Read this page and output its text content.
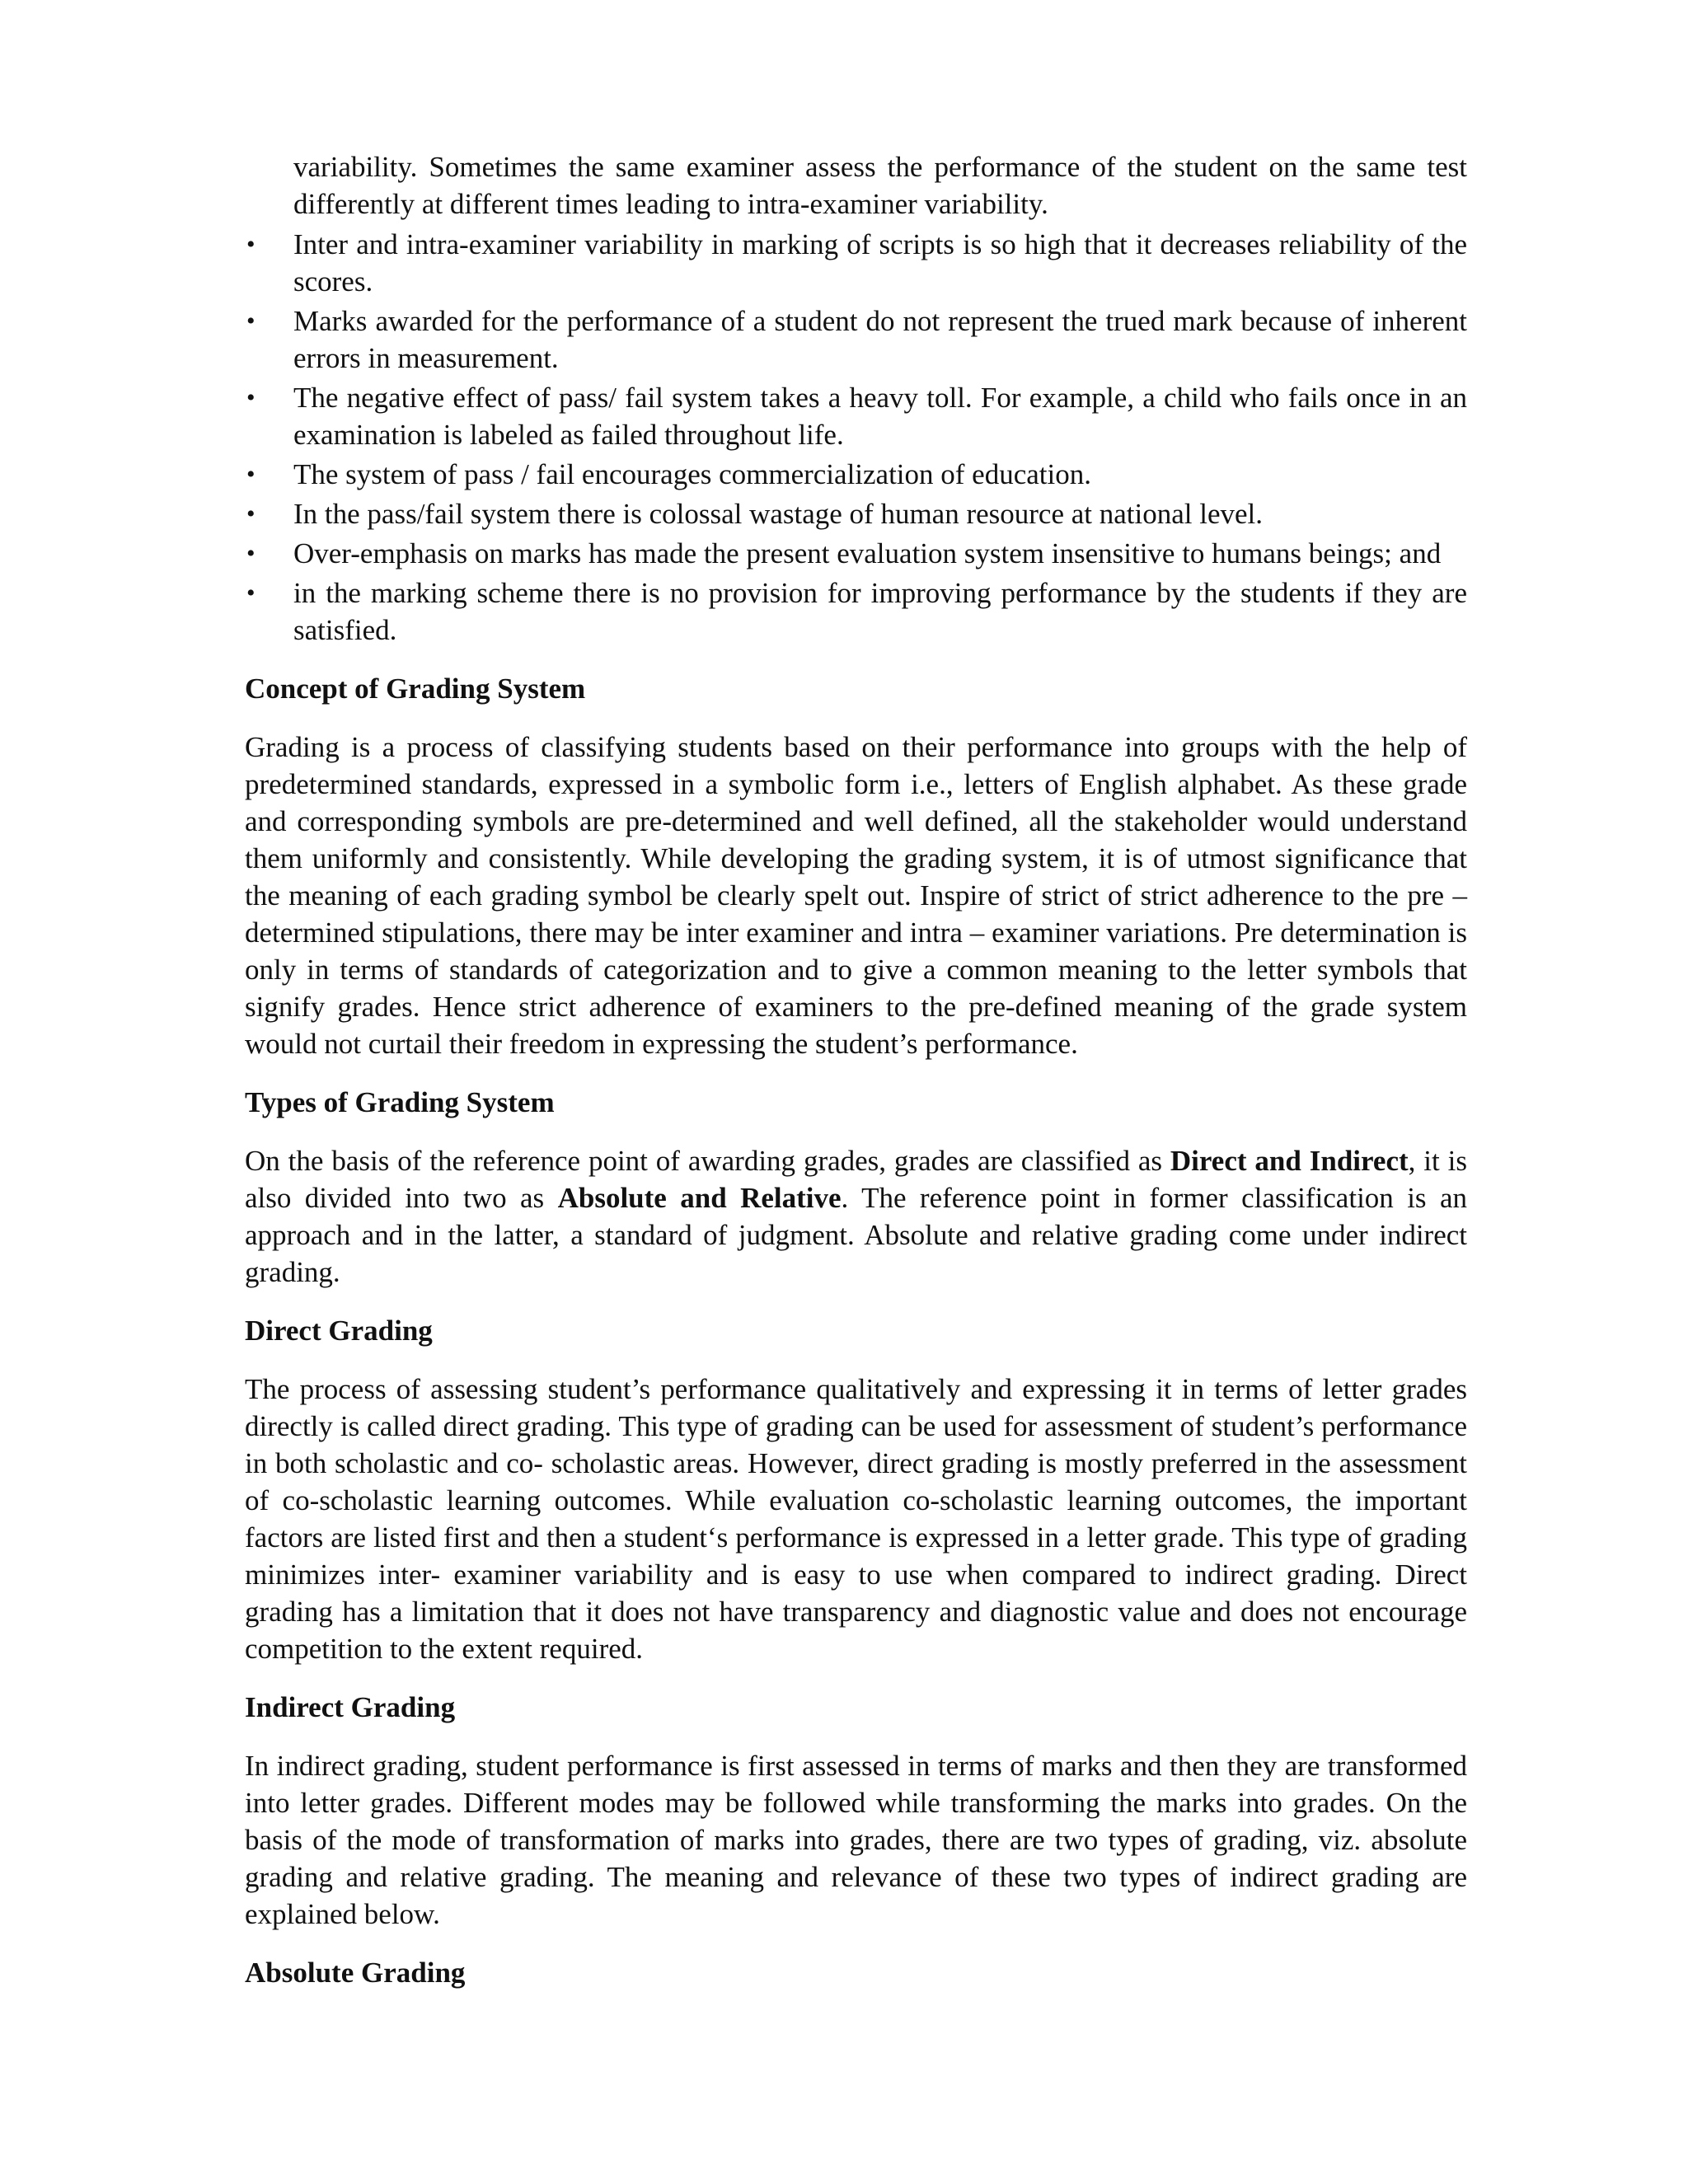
variability. Sometimes the same examiner assess the performance of the student on the same test differently at different times leading to intra-examiner variability.

• Inter and intra-examiner variability in marking of scripts is so high that it decreases reliability of the scores.
• Marks awarded for the performance of a student do not represent the trued mark because of inherent errors in measurement.
• The negative effect of pass/ fail system takes a heavy toll. For example, a child who fails once in an examination is labeled as failed throughout life.
• The system of pass / fail encourages commercialization of education.
• In the pass/fail system there is colossal wastage of human resource at national level.
• Over-emphasis on marks has made the present evaluation system insensitive to humans beings; and
• in the marking scheme there is no provision for improving performance by the students if they are satisfied.
Concept of Grading System

Grading is a process of classifying students based on their performance into groups with the help of predetermined standards, expressed in a symbolic form i.e., letters of English alphabet. As these grade and corresponding symbols are pre-determined and well defined, all the stakeholder would understand them uniformly and consistently. While developing the grading system, it is of utmost significance that the meaning of each grading symbol be clearly spelt out. Inspire of strict of strict adherence to the pre – determined stipulations, there may be inter examiner and intra – examiner variations. Pre determination is only in terms of standards of categorization and to give a common meaning to the letter symbols that signify grades. Hence strict adherence of examiners to the pre-defined meaning of the grade system would not curtail their freedom in expressing the student’s performance.

Types of Grading System

On the basis of the reference point of awarding grades, grades are classified as Direct and Indirect, it is also divided into two as Absolute and Relative. The reference point in former classification is an approach and in the latter, a standard of judgment. Absolute and relative grading come under indirect grading.

Direct Grading

The process of assessing student’s performance qualitatively and expressing it in terms of letter grades directly is called direct grading. This type of grading can be used for assessment of student’s performance in both scholastic and co- scholastic areas. However, direct grading is mostly preferred in the assessment of co-scholastic learning outcomes. While evaluation co-scholastic learning outcomes, the important factors are listed first and then a student‘s performance is expressed in a letter grade. This type of grading minimizes inter- examiner variability and is easy to use when compared to indirect grading. Direct grading has a limitation that it does not have transparency and diagnostic value and does not encourage competition to the extent required.

Indirect Grading

In indirect grading, student performance is first assessed in terms of marks and then they are transformed into letter grades. Different modes may be followed while transforming the marks into grades. On the basis of the mode of transformation of marks into grades, there are two types of grading, viz. absolute grading and relative grading. The meaning and relevance of these two types of indirect grading are explained below.

Absolute Grading
